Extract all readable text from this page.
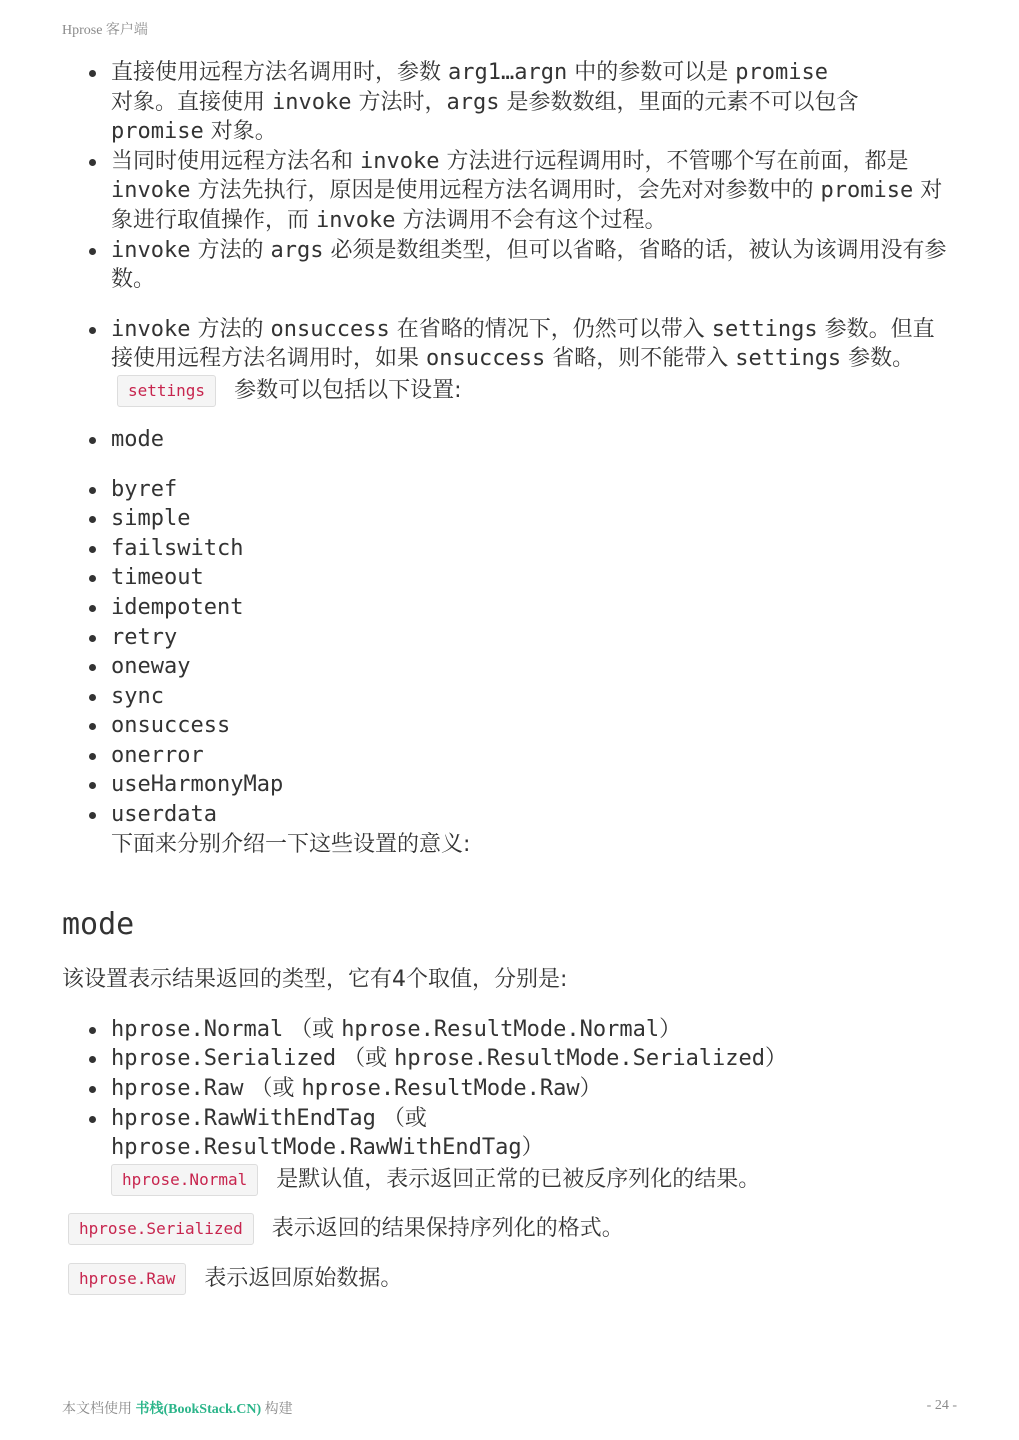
Hprose 客户端
直接使用远程方法名调用时，参数 arg1…argn 中的参数可以是 promise
对象。直接使用 invoke 方法时，args 是参数数组，里面的元素不可以包含 promise 对象。
当同时使用远程方法名和 invoke 方法进行远程调用时，不管哪个写在前面，都是 invoke 方法先执行，原因是使用远程方法名调用时，会先对对参数中的 promise 对象进行取值操作，而 invoke 方法调用不会有这个过程。
invoke 方法的 args 必须是数组类型，但可以省略，省略的话，被认为该调用没有参数。
invoke 方法的 onsuccess 在省略的情况下，仍然可以带入 settings 参数。但直接使用远程方法名调用时，如果 onsuccess 省略，则不能带入 settings 参数。
settings 参数可以包括以下设置:
mode
byref
simple
failswitch
timeout
idempotent
retry
oneway
sync
onsuccess
onerror
useHarmonyMap
userdata
下面来分别介绍一下这些设置的意义:
mode

该设置表示结果返回的类型，它有4个取值，分别是:

hprose.Normal （或 hprose.ResultMode.Normal）
hprose.Serialized （或 hprose.ResultMode.Serialized）
hprose.Raw （或 hprose.ResultMode.Raw）
hprose.RawWithEndTag （或
hprose.ResultMode.RawWithEndTag）
hprose.Normal 是默认值，表示返回正常的已被反序列化的结果。

hprose.Serialized 表示返回的结果保持序列化的格式。

hprose.Raw 表示返回原始数据。

本文档使用 书栈(BookStack.CN) 构建	- 24 -
